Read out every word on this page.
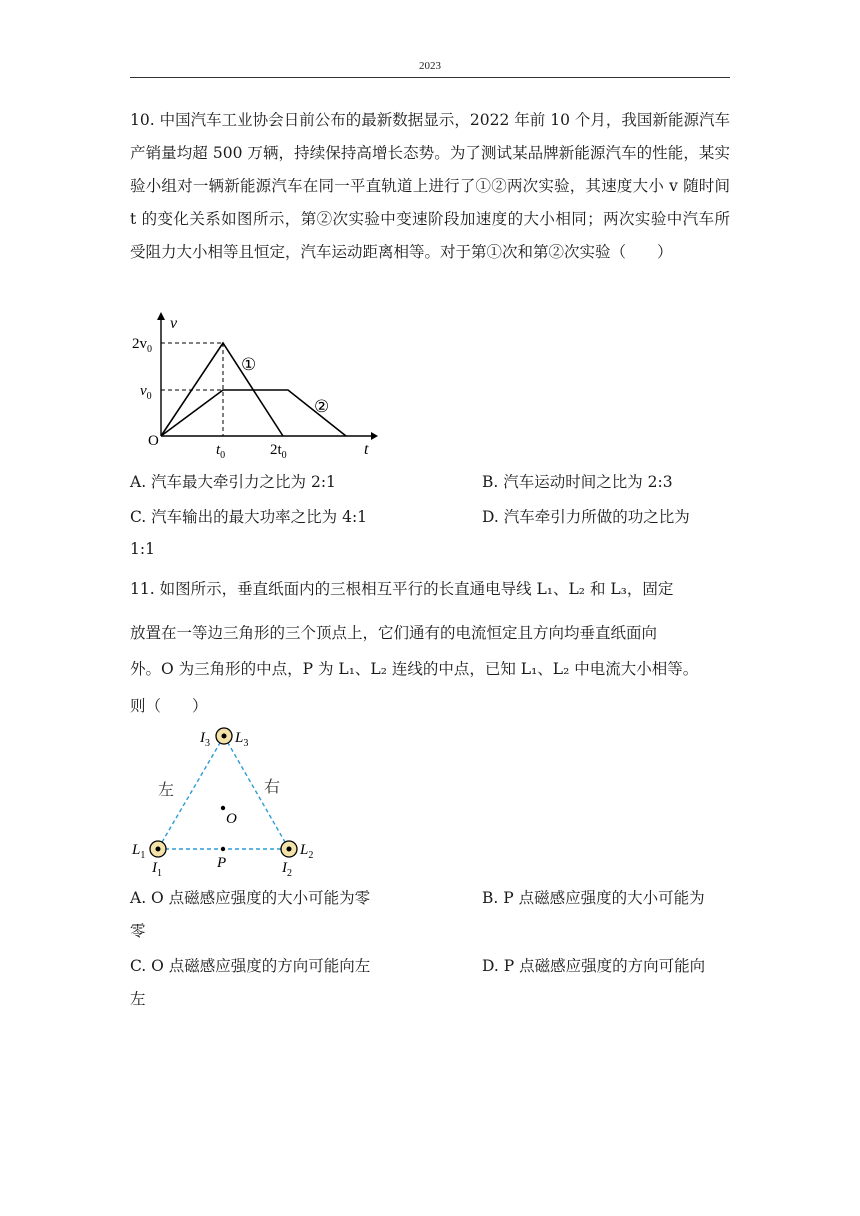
2023

10. 中国汽车工业协会日前公布的最新数据显示，2022 年前 10 个月，我国新能源汽车产销量均超 500 万辆，持续保持高增长态势。为了测试某品牌新能源汽车的性能，某实验小组对一辆新能源汽车在同一平直轨道上进行了①②两次实验，其速度大小 v 随时间 t 的变化关系如图所示，第②次实验中变速阶段加速度的大小相同；两次实验中汽车所受阻力大小相等且恒定，汽车运动距离相等。对于第①次和第②次实验（　　）

v
t
O
$2v_0$
$v_0$
$t_0$	$2t_0$
①
②
A. 汽车最大牵引力之比为 2:1	B. 汽车运动时间之比为 2:3
C. 汽车输出的最大功率之比为 4:1	D. 汽车牵引力所做的功之比为
1:1
11. 如图所示，垂直纸面内的三根相互平行的长直通电导线 L₁、L₂ 和 L₃，固定
放置在一等边三角形的三个顶点上，它们通有的电流恒定且方向均垂直纸面向
外。O 为三角形的中点，P 为 L₁、L₂ 连线的中点，已知 L₁、L₂ 中电流大小相等。
则（　　）
$I_3$ $L_3$
左	右
O
$L_1$
$I_1$
P	$I_2$
$L_2$
A. O 点磁感应强度的大小可能为零	B. P 点磁感应强度的大小可能为
零
C. O 点磁感应强度的方向可能向左	D. P 点磁感应强度的方向可能向
左
